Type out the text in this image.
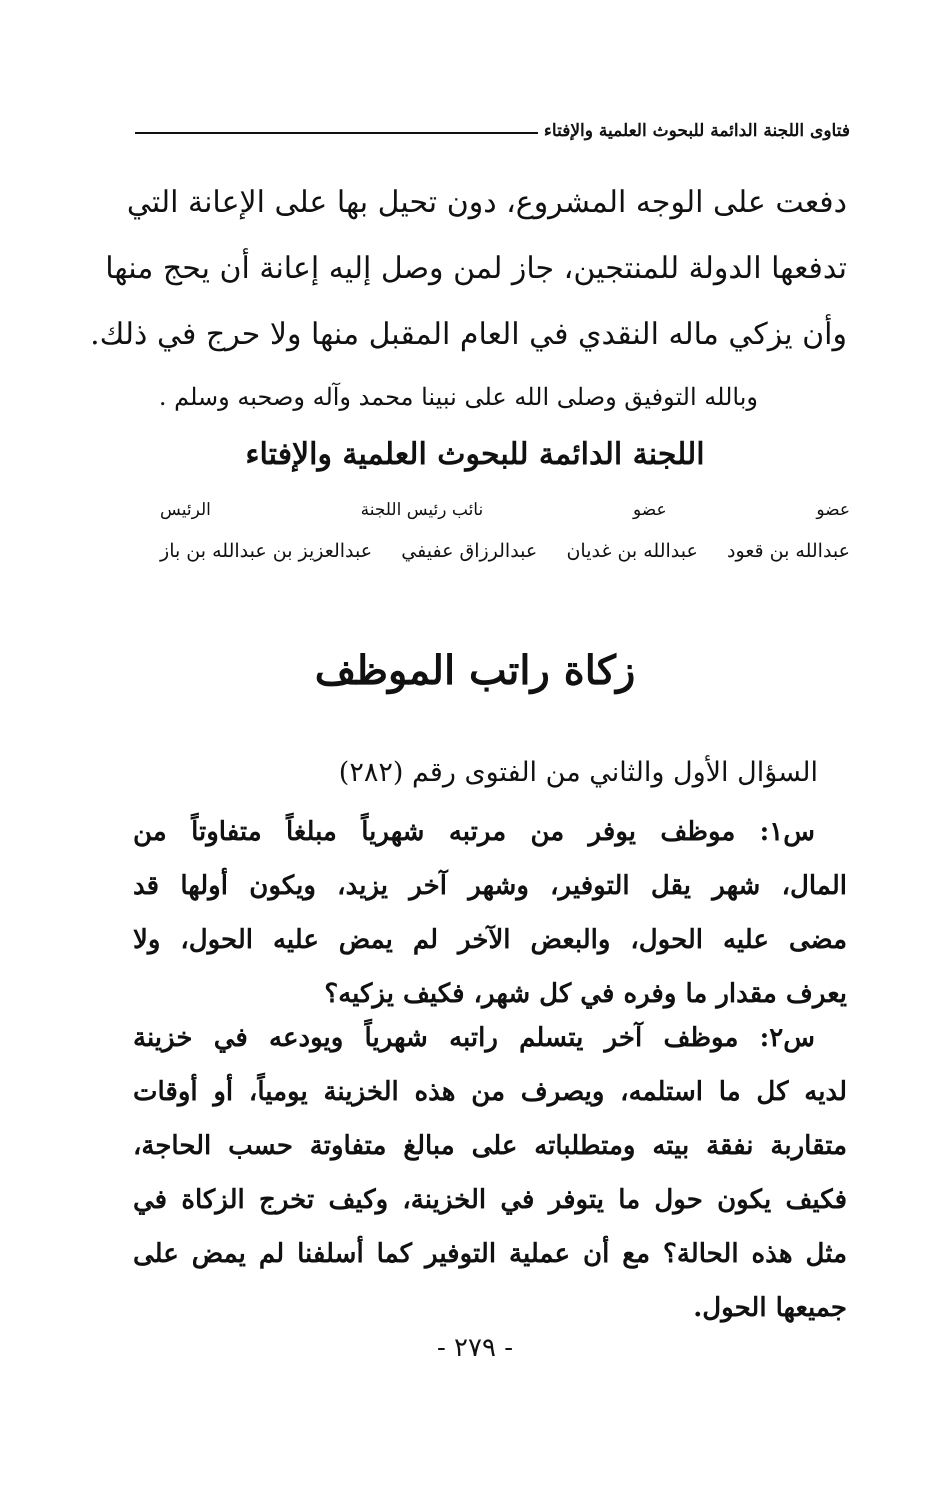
فتاوى اللجنة الدائمة للبحوث العلمية والإفتاء
دفعت على الوجه المشروع، دون تحيل بها على الإعانة التي
تدفعها الدولة للمنتجين، جاز لمن وصل إليه إعانة أن يحج منها
وأن يزكي ماله النقدي في العام المقبل منها ولا حرج في ذلك.
وبالله التوفيق وصلى الله على نبينا محمد وآله وصحبه وسلم .
اللجنة الدائمة للبحوث العلمية والإفتاء
عضو
عضو
نائب رئيس اللجنة
الرئيس
عبدالله بن قعود
عبدالله بن غديان
عبدالرزاق عفيفي
عبدالعزيز بن عبدالله بن باز
زكاة راتب الموظف
السؤال الأول والثاني من الفتوى رقم (٢٨٢)
س١: موظف يوفر من مرتبه شهرياً مبلغاً متفاوتاً من
المال، شهر يقل التوفير، وشهر آخر يزيد، ويكون أولها قد
مضى عليه الحول، والبعض الآخر لم يمض عليه الحول، ولا
يعرف مقدار ما وفره في كل شهر، فكيف يزكيه؟
س٢: موظف آخر يتسلم راتبه شهرياً ويودعه في خزينة
لديه كل ما استلمه، ويصرف من هذه الخزينة يومياً، أو أوقات
متقاربة نفقة بيته ومتطلباته على مبالغ متفاوتة حسب الحاجة،
فكيف يكون حول ما يتوفر في الخزينة، وكيف تخرج الزكاة في
مثل هذه الحالة؟ مع أن عملية التوفير كما أسلفنا لم يمض على
جميعها الحول.
- ٢٧٩ -
